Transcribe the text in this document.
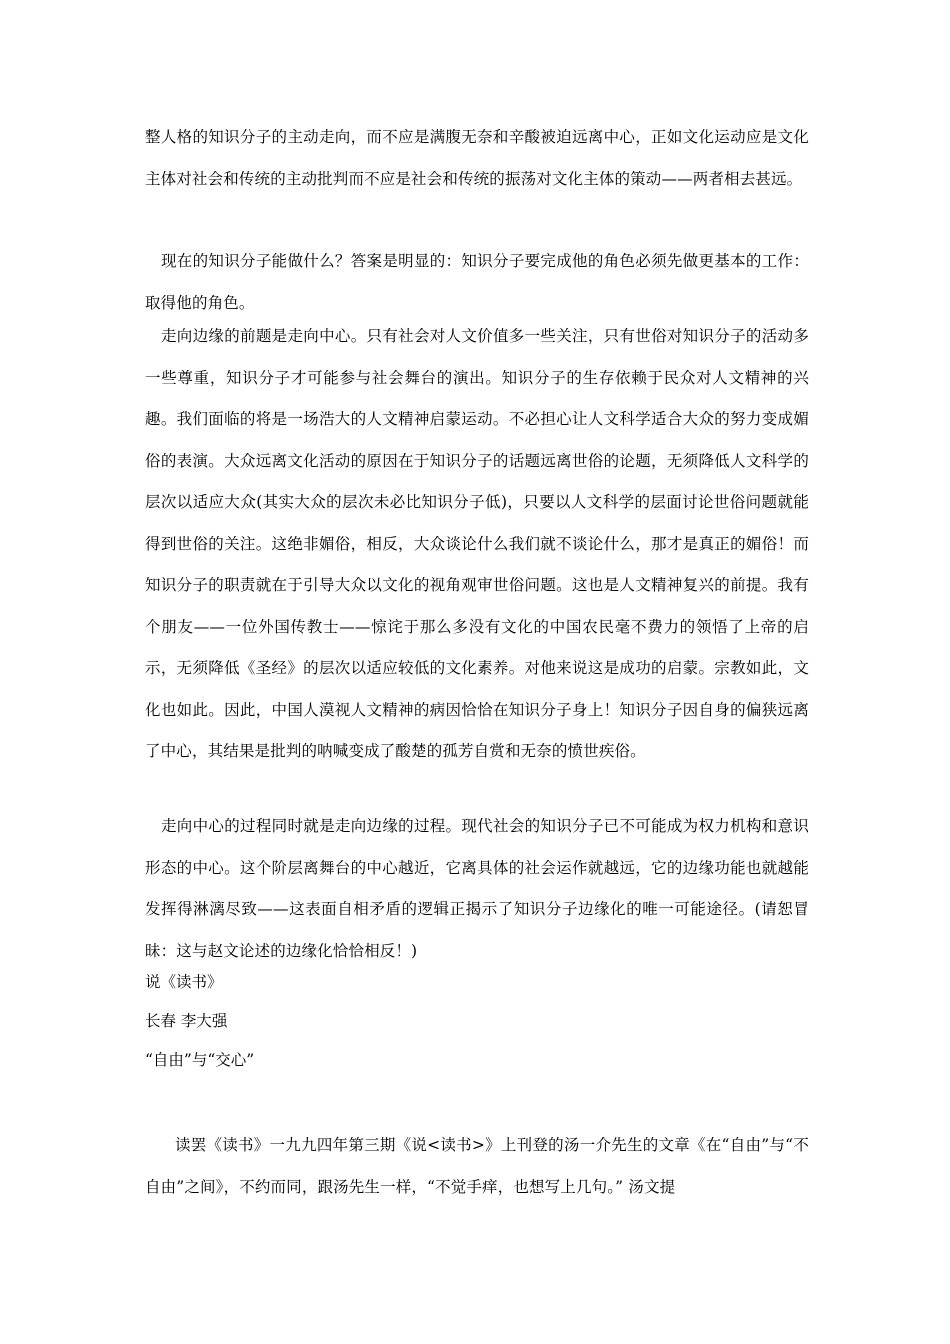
整人格的知识分子的主动走向，而不应是满腹无奈和辛酸被迫远离中心，正如文化运动应是文化主体对社会和传统的主动批判而不应是社会和传统的振荡对文化主体的策动——两者相去甚远。

现在的知识分子能做什么？答案是明显的：知识分子要完成他的角色必须先做更基本的工作：取得他的角色。

走向边缘的前题是走向中心。只有社会对人文价值多一些关注，只有世俗对知识分子的活动多一些尊重，知识分子才可能参与社会舞台的演出。知识分子的生存依赖于民众对人文精神的兴趣。我们面临的将是一场浩大的人文精神启蒙运动。不必担心让人文科学适合大众的努力变成媚俗的表演。大众远离文化活动的原因在于知识分子的话题远离世俗的论题，无须降低人文科学的层次以适应大众(其实大众的层次未必比知识分子低)，只要以人文科学的层面讨论世俗问题就能得到世俗的关注。这绝非媚俗，相反，大众谈论什么我们就不谈论什么，那才是真正的媚俗！而知识分子的职责就在于引导大众以文化的视角观审世俗问题。这也是人文精神复兴的前提。我有个朋友——一位外国传教士——惊诧于那么多没有文化的中国农民毫不费力的领悟了上帝的启示，无须降低《圣经》的层次以适应较低的文化素养。对他来说这是成功的启蒙。宗教如此，文化也如此。因此，中国人漠视人文精神的病因恰恰在知识分子身上！知识分子因自身的偏狭远离了中心，其结果是批判的呐喊变成了酸楚的孤芳自赏和无奈的愤世疾俗。

走向中心的过程同时就是走向边缘的过程。现代社会的知识分子已不可能成为权力机构和意识形态的中心。这个阶层离舞台的中心越近，它离具体的社会运作就越远，它的边缘功能也就越能发挥得淋漓尽致——这表面自相矛盾的逻辑正揭示了知识分子边缘化的唯一可能途径。(请恕冒昧：这与赵文论述的边缘化恰恰相反！)

说《读书》

长春 李大强

“自由”与“交心”

读罢《读书》一九九四年第三期《说<读书>》上刊登的汤一介先生的文章《在“自由”与“不自由”之间》，不约而同，跟汤先生一样，“不觉手痒，也想写上几句。” 汤文提
